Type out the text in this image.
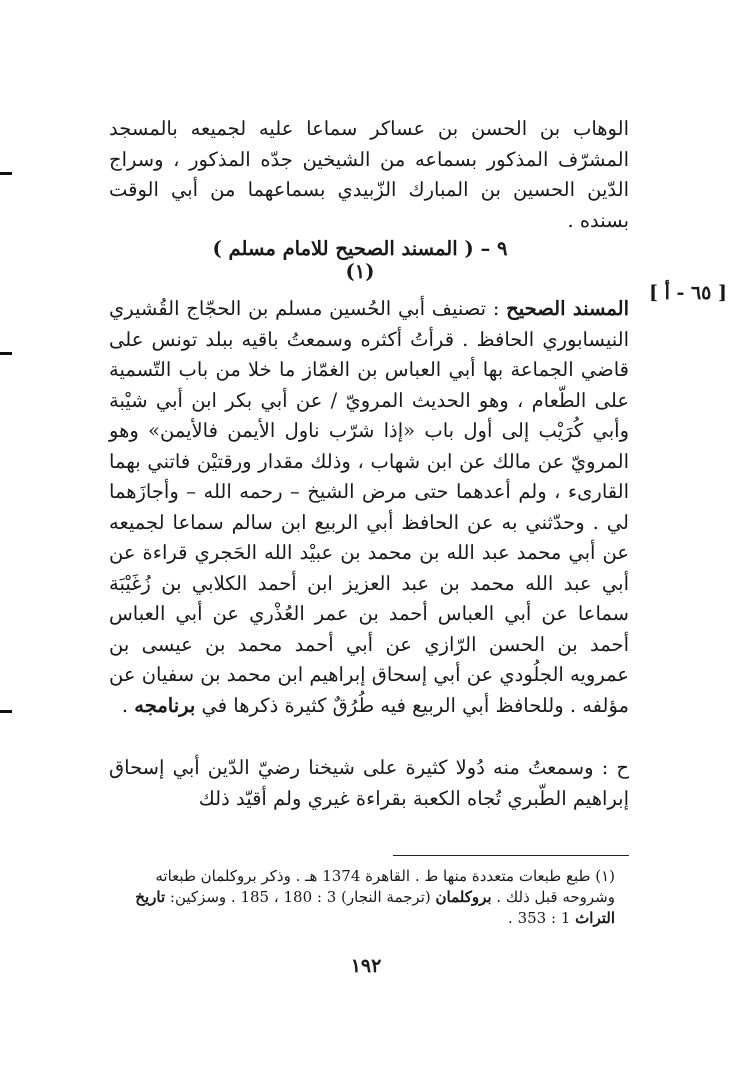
الوهاب بن الحسن بن عساكر سماعا عليه لجميعه بالمسجد المشرّف المذكور بسماعه من الشيخين جدّه المذكور ، وسراج الدّين الحسين بن المبارك الزّبيدي بسماعهما من أبي الوقت بسنده .

٩ – ( المسند الصحيح للامام مسلم ) (١)
[ ٦٥ - أ ]

المسند الصحيح : تصنيف أبي الحُسين مسلم بن الحجّاج القُشيري النيسابوري الحافظ . قرأتُ أكثره وسمعتُ باقيه ببلد تونس على قاضي الجماعة بها أبي العباس بن الغمّاز ما خلا من باب التّسمية على الطّعام ، وهو الحديث المرويّ / عن أبي بكر ابن أبي شيْبة وأبي كُرَيْب إلى أول باب «إذا شرّب ناول الأيمن فالأيمن» وهو المرويّ عن مالك عن ابن شهاب ، وذلك مقدار ورقتيْن فاتني بهما القارىء ، ولم أعدهما حتى مرض الشيخ – رحمه الله – وأجازَهما لي . وحدّثني به عن الحافظ أبي الربيع ابن سالم سماعا لجميعه عن أبي محمد عبد الله بن محمد بن عبيْد الله الحَجري قراءة عن أبي عبد الله محمد بن عبد العزيز ابن أحمد الكلابي بن زُغَيْبَة سماعا عن أبي العباس أحمد بن عمر العُذْري عن أبي العباس أحمد بن الحسن الرّازي عن أبي أحمد محمد بن عيسى بن عمرويه الجلُودي عن أبي إسحاق إبراهيم ابن محمد بن سفيان عن مؤلفه . وللحافظ أبي الربيع فيه طُرُقٌ كثيرة ذكرها في برنامجه .

ح : وسمعتُ منه دُولا كثيرة على شيخنا رضيّ الدّين أبي إسحاق إبراهيم الطّبري تُجاه الكعبة بقراءة غيري ولم أقيّد ذلك

(١) طبع طبعات متعددة منها ط . القاهرة 1374 هـ . وذكر بروكلمان طبعاته وشروحه قبل ذلك . بروكلمان (ترجمة النجار) 3 : 180 ، 185 . وسزكين: تاريخ التراث 1 : 353 .
١٩٢
